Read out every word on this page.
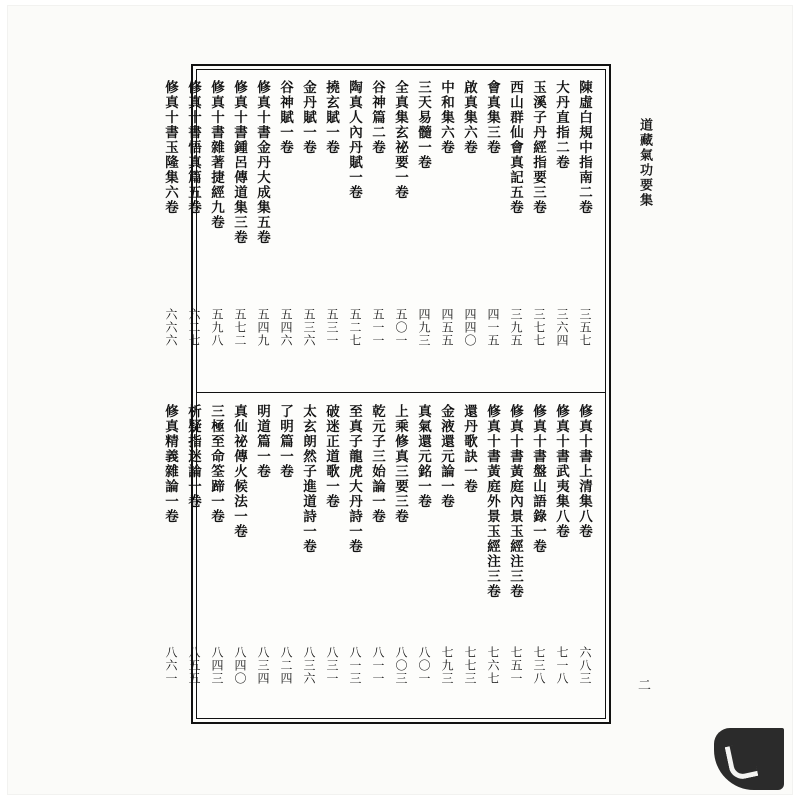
道藏氣功要集
陳虛白規中指南二卷
三五七
大丹直指二卷
三六四
玉溪子丹經指要三卷
三七七
西山群仙會真記五卷
三九五
會真集三卷
四一五
啟真集六卷
四四〇
中和集六卷
四五五
三天易髓一卷
四九三
全真集玄祕要一卷
五〇一
谷神篇二卷
五一一
陶真人內丹賦一卷
五二七
撓玄賦一卷
五三一
金丹賦一卷
五三六
谷神賦一卷
五四六
修真十書金丹大成集五卷
五四九
修真十書鍾呂傳道集三卷
五七二
修真十書雜著捷經九卷
五九八
修真十書悟真篇五卷
六二七
修真十書玉隆集六卷
六六六
修真十書上清集八卷
六八三
修真十書武夷集八卷
七一八
修真十書盤山語錄一卷
七三八
修真十書黃庭內景玉經注三卷
七五一
修真十書黃庭外景玉經注三卷
七六七
還丹歌訣一卷
七七三
金液還元論一卷
七九三
真氣還元銘一卷
八〇一
上乘修真三要三卷
八〇三
乾元子三始論一卷
八一一
至真子龍虎大丹詩一卷
八一三
破迷正道歌一卷
八三一
太玄朗然子進道詩一卷
八三六
了明篇一卷
八二四
明道篇一卷
八三四
真仙祕傳火候法一卷
八四〇
三極至命筌蹄一卷
八四三
析疑指迷論一卷
八五五
修真精義雜論一卷
八六一	二
